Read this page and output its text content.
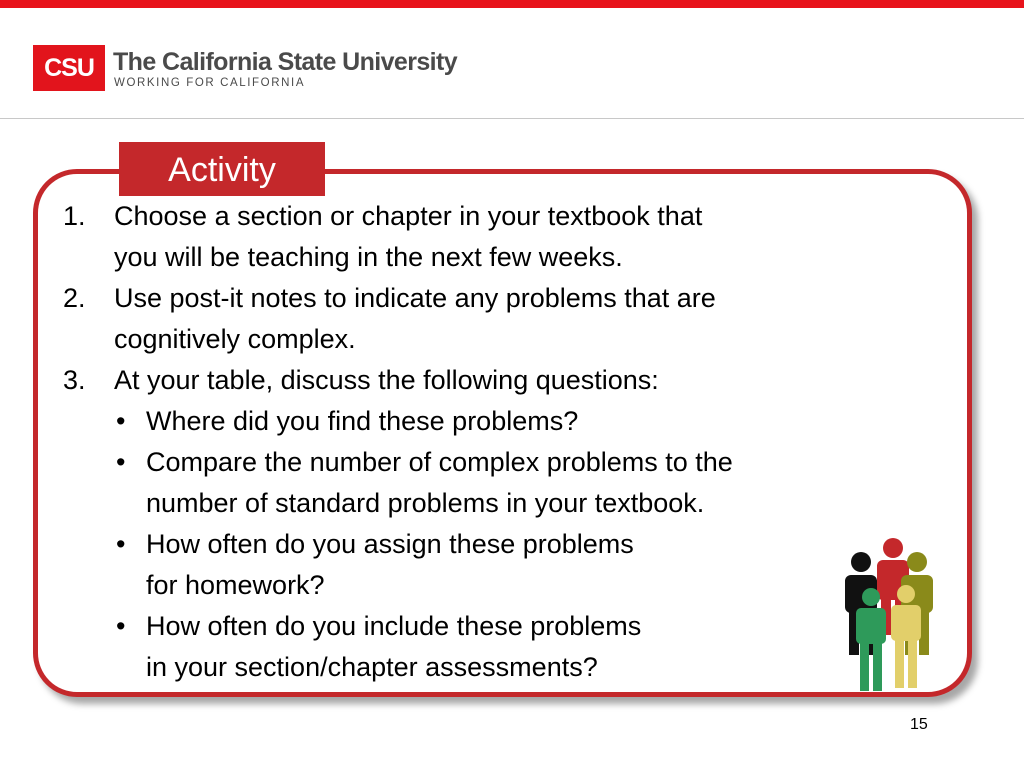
CSU The California State University
WORKING FOR CALIFORNIA
Activity
1. Choose a section or chapter in your textbook that
you will be teaching in the next few weeks.
2. Use post-it notes to indicate any problems that are
cognitively complex.
3. At your table, discuss the following questions:
• Where did you find these problems?
• Compare the number of complex problems to the
number of standard problems in your textbook.
• How often do you assign these problems
for homework?
• How often do you include these problems
in your section/chapter assessments?
15
